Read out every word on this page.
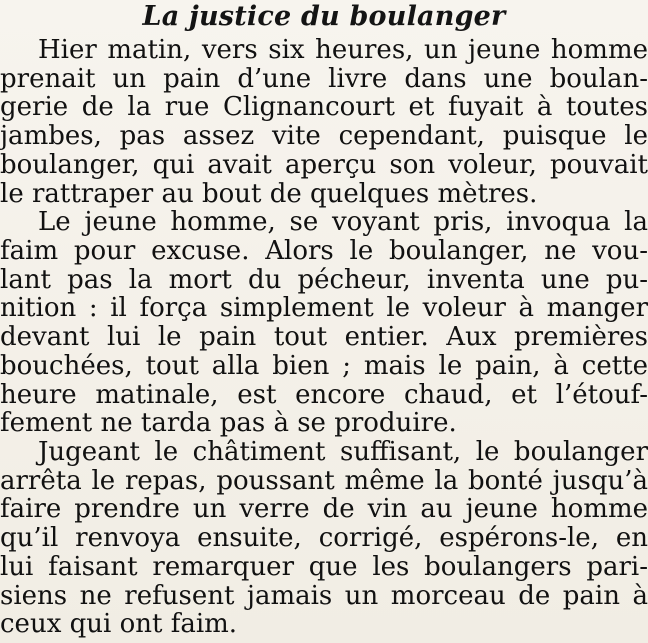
La justice du boulanger
Hier matin, vers six heures, un jeune homme
prenait un pain d’une livre dans une boulan-
gerie de la rue Clignancourt et fuyait à toutes
jambes, pas assez vite cependant, puisque le
boulanger, qui avait aperçu son voleur, pouvait
le rattraper au bout de quelques mètres.
Le jeune homme, se voyant pris, invoqua la
faim pour excuse. Alors le boulanger, ne vou-
lant pas la mort du pécheur, inventa une pu-
nition : il força simplement le voleur à manger
devant lui le pain tout entier. Aux premières
bouchées, tout alla bien ; mais le pain, à cette
heure matinale, est encore chaud, et l’étouf-
fement ne tarda pas à se produire.
Jugeant le châtiment suffisant, le boulanger
arrêta le repas, poussant même la bonté jusqu’à
faire prendre un verre de vin au jeune homme
qu’il renvoya ensuite, corrigé, espérons-le, en
lui faisant remarquer que les boulangers pari-
siens ne refusent jamais un morceau de pain à
ceux qui ont faim.
